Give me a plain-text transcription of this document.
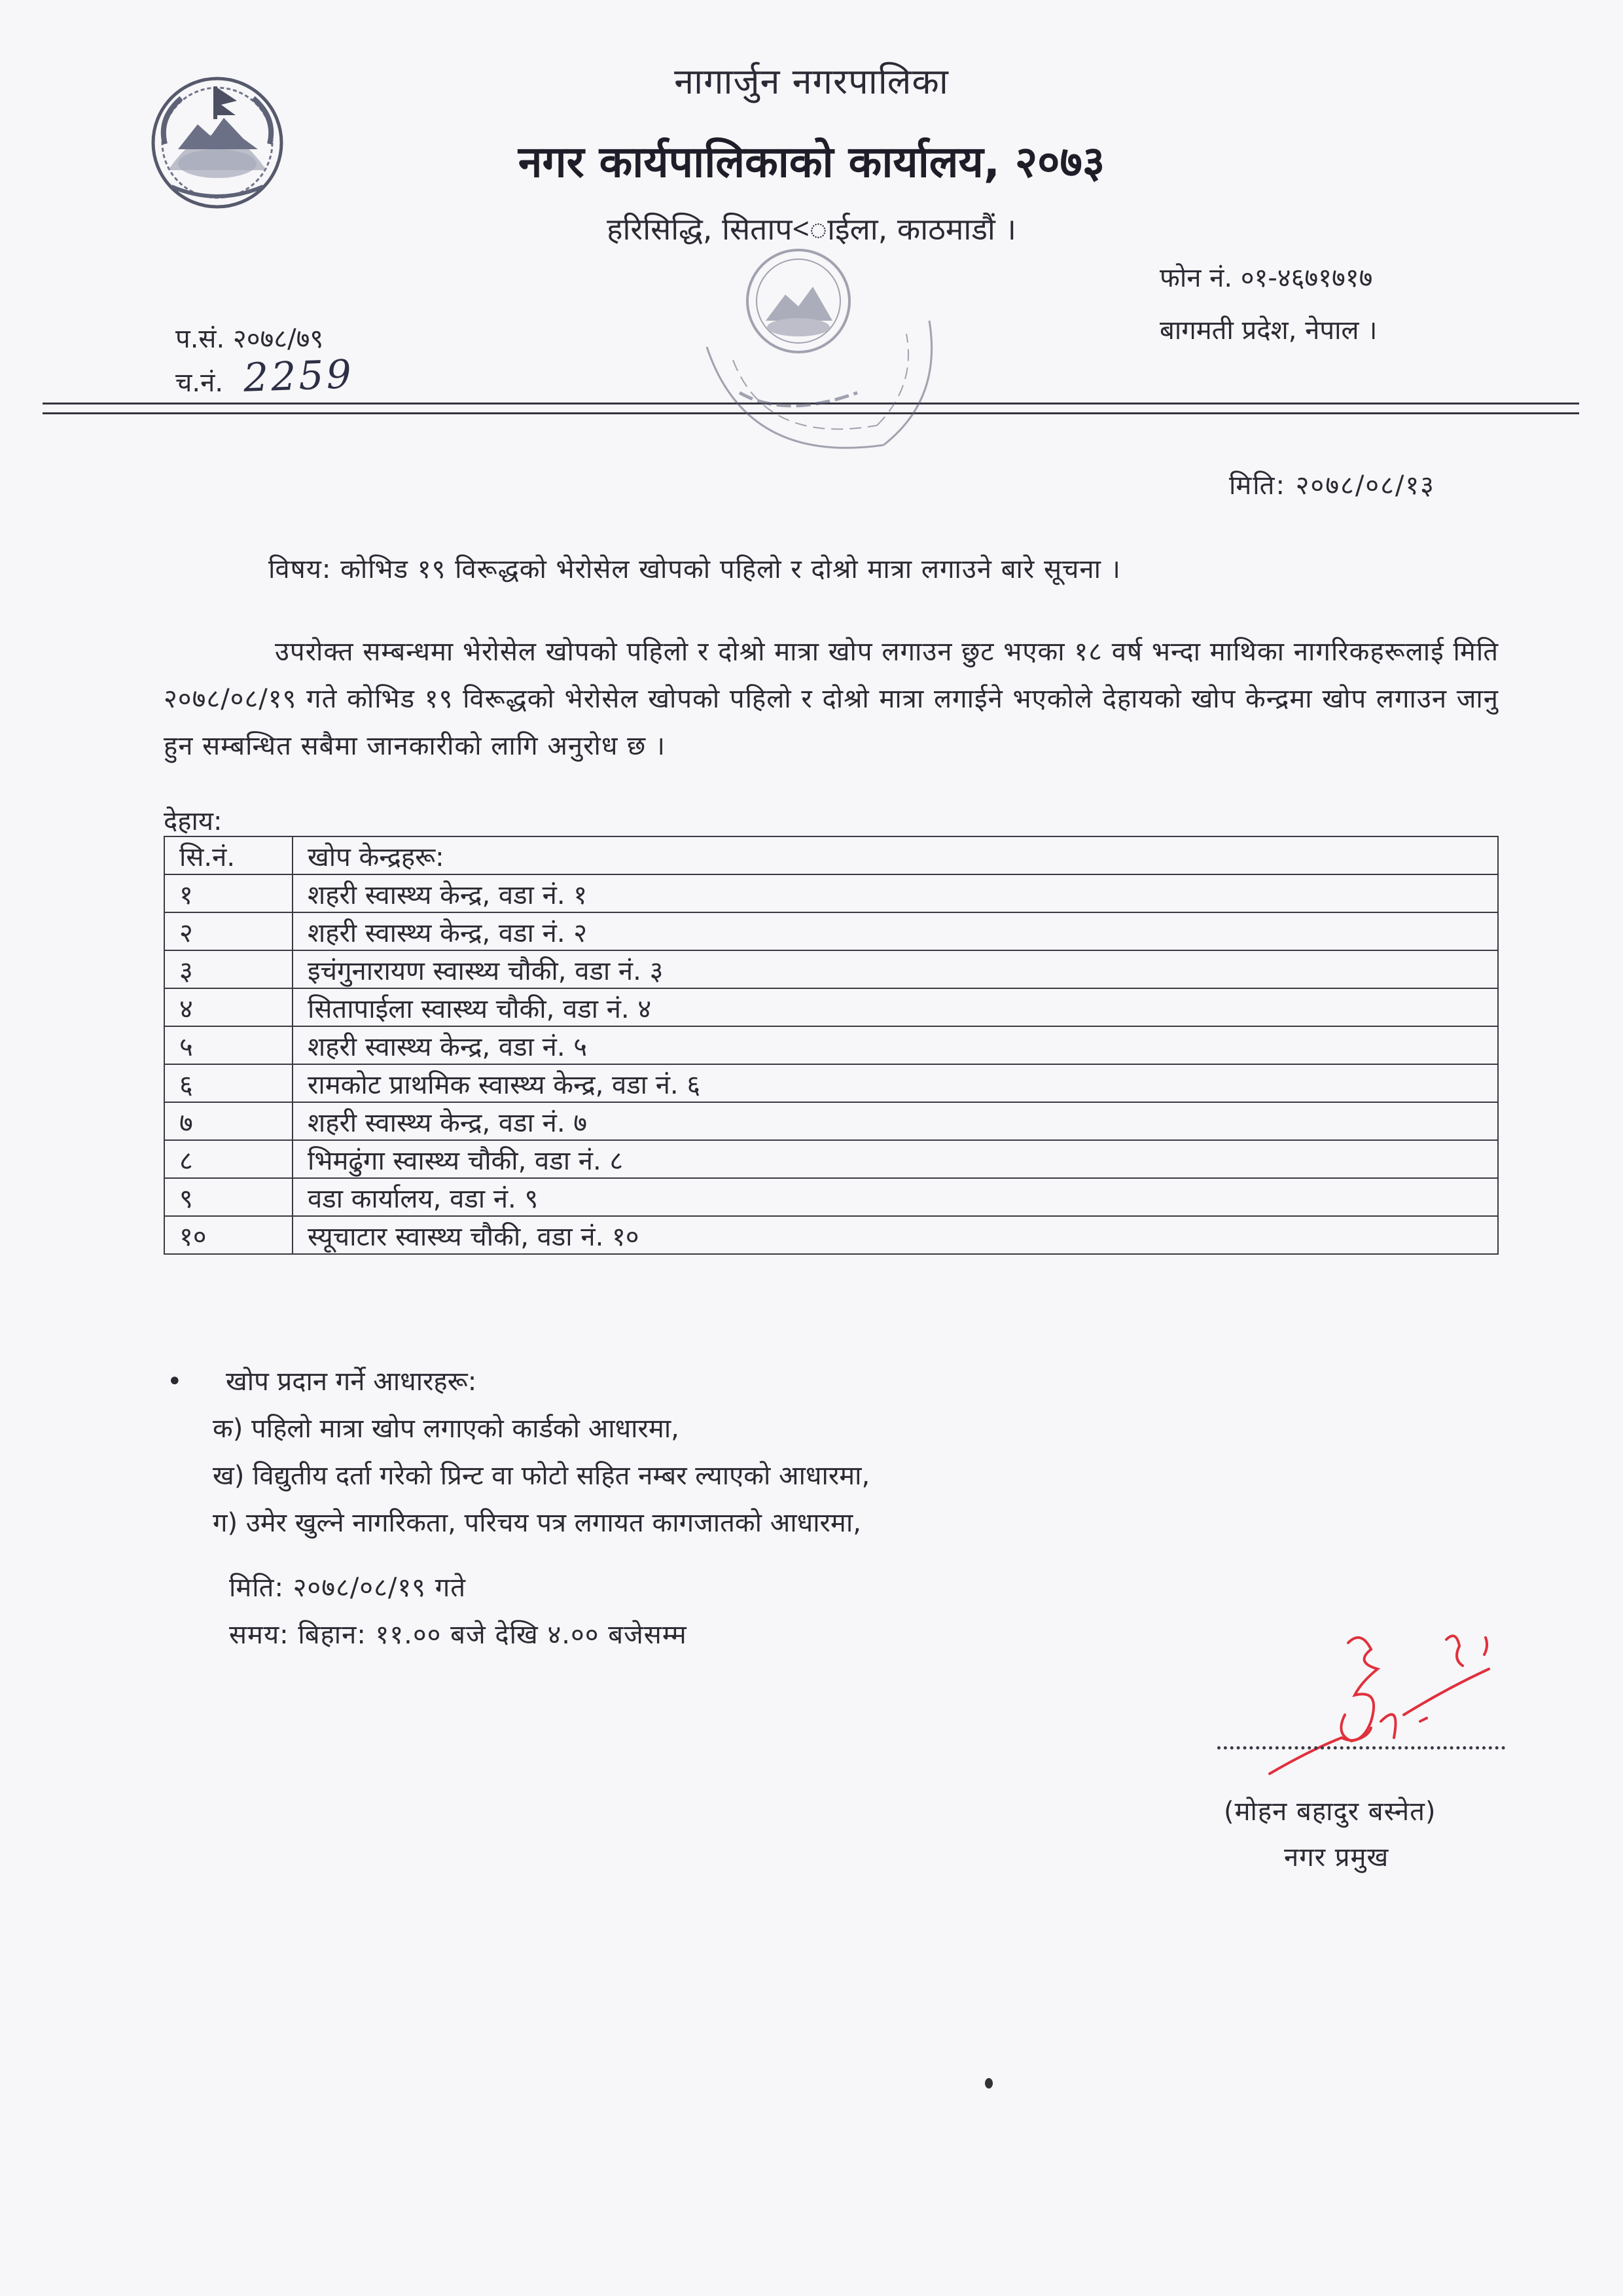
नागार्जुन नगरपालिका
नगर कार्यपालिकाको कार्यालय, २०७३
हरिसिद्धि, सिताप<ाईला, काठमाडौं ।
फोन नं. ०१-४६७१७१७
बागमती प्रदेश, नेपाल ।
प.सं. २०७८/७९
च.नं. 2259
मिति: २०७८/०८/१३
विषय: कोभिड १९ विरूद्धको भेरोसेल खोपको पहिलो र दोश्रो मात्रा लगाउने बारे सूचना ।
उपरोक्त सम्बन्धमा भेरोसेल खोपको पहिलो र दोश्रो मात्रा खोप लगाउन छुट भएका १८ वर्ष भन्दा माथिका नागरिकहरूलाई मिति २०७८/०८/१९ गते कोभिड १९ विरूद्धको भेरोसेल खोपको पहिलो र दोश्रो मात्रा लगाईने भएकोले देहायको खोप केन्द्रमा खोप लगाउन जानु हुन सम्बन्धित सबैमा जानकारीको लागि अनुरोध छ ।
देहाय:
सि.नं.	खोप केन्द्रहरू:
१	शहरी स्वास्थ्य केन्द्र, वडा नं. १
२	शहरी स्वास्थ्य केन्द्र, वडा नं. २
३	इचंगुनारायण स्वास्थ्य चौकी, वडा नं. ३
४	सितापाईला स्वास्थ्य चौकी, वडा नं. ४
५	शहरी स्वास्थ्य केन्द्र, वडा नं. ५
६	रामकोट प्राथमिक स्वास्थ्य केन्द्र, वडा नं. ६
७	शहरी स्वास्थ्य केन्द्र, वडा नं. ७
८	भिमढुंगा स्वास्थ्य चौकी, वडा नं. ८
९	वडा कार्यालय, वडा नं. ९
१०	स्यूचाटार स्वास्थ्य चौकी, वडा नं. १०
• खोप प्रदान गर्ने आधारहरू:
क) पहिलो मात्रा खोप लगाएको कार्डको आधारमा,
ख) विद्युतीय दर्ता गरेको प्रिन्ट वा फोटो सहित नम्बर ल्याएको आधारमा,
ग) उमेर खुल्ने नागरिकता, परिचय पत्र लगायत कागजातको आधारमा,
मिति: २०७८/०८/१९ गते
समय: बिहान: ११.०० बजे देखि ४.०० बजेसम्म
(मोहन बहादुर बस्नेत)
नगर प्रमुख
